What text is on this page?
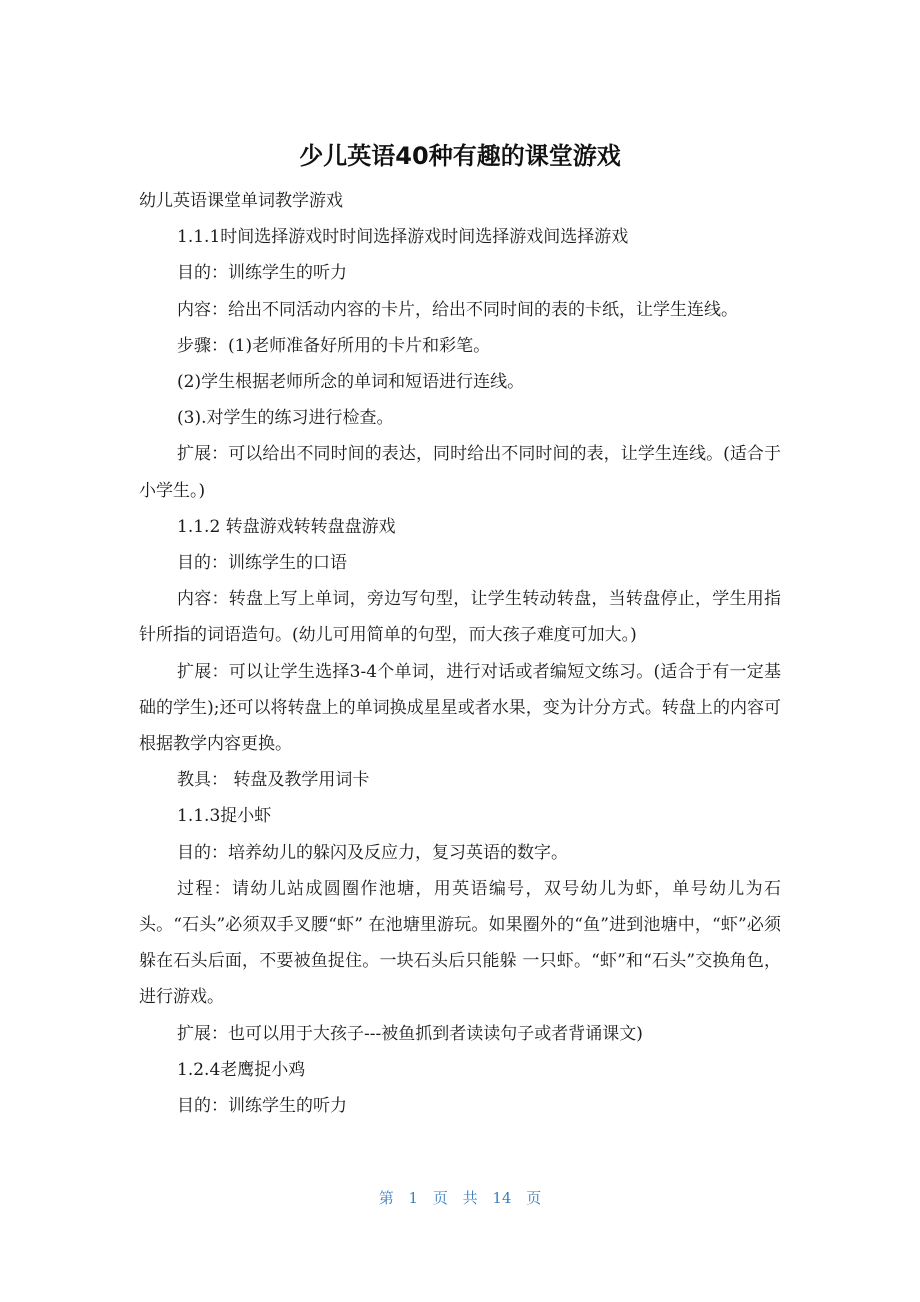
少儿英语40种有趣的课堂游戏

幼儿英语课堂单词教学游戏

1.1.1时间选择游戏时时间选择游戏时间选择游戏间选择游戏

目的：训练学生的听力

内容：给出不同活动内容的卡片，给出不同时间的表的卡纸，让学生连线。

步骤：(1)老师准备好所用的卡片和彩笔。

(2)学生根据老师所念的单词和短语进行连线。

(3).对学生的练习进行检查。

扩展：可以给出不同时间的表达，同时给出不同时间的表，让学生连线。(适合于小学生。)

1.1.2 转盘游戏转转盘盘游戏

目的：训练学生的口语

内容：转盘上写上单词，旁边写句型，让学生转动转盘，当转盘停止，学生用指针所指的词语造句。(幼儿可用简单的句型，而大孩子难度可加大。)

扩展：可以让学生选择3-4个单词，进行对话或者编短文练习。(适合于有一定基础的学生);还可以将转盘上的单词换成星星或者水果，变为计分方式。转盘上的内容可根据教学内容更换。

教具： 转盘及教学用词卡

1.1.3捉小虾

目的：培养幼儿的躲闪及反应力，复习英语的数字。

过程：请幼儿站成圆圈作池塘，用英语编号，双号幼儿为虾，单号幼儿为石头。“石头”必须双手叉腰“虾” 在池塘里游玩。如果圈外的“鱼”进到池塘中，“虾”必须躲在石头后面，不要被鱼捉住。一块石头后只能躲 一只虾。“虾”和“石头”交换角色，进行游戏。

扩展：也可以用于大孩子---被鱼抓到者读读句子或者背诵课文)

1.2.4老鹰捉小鸡

目的：训练学生的听力

第 1 页 共 14 页
